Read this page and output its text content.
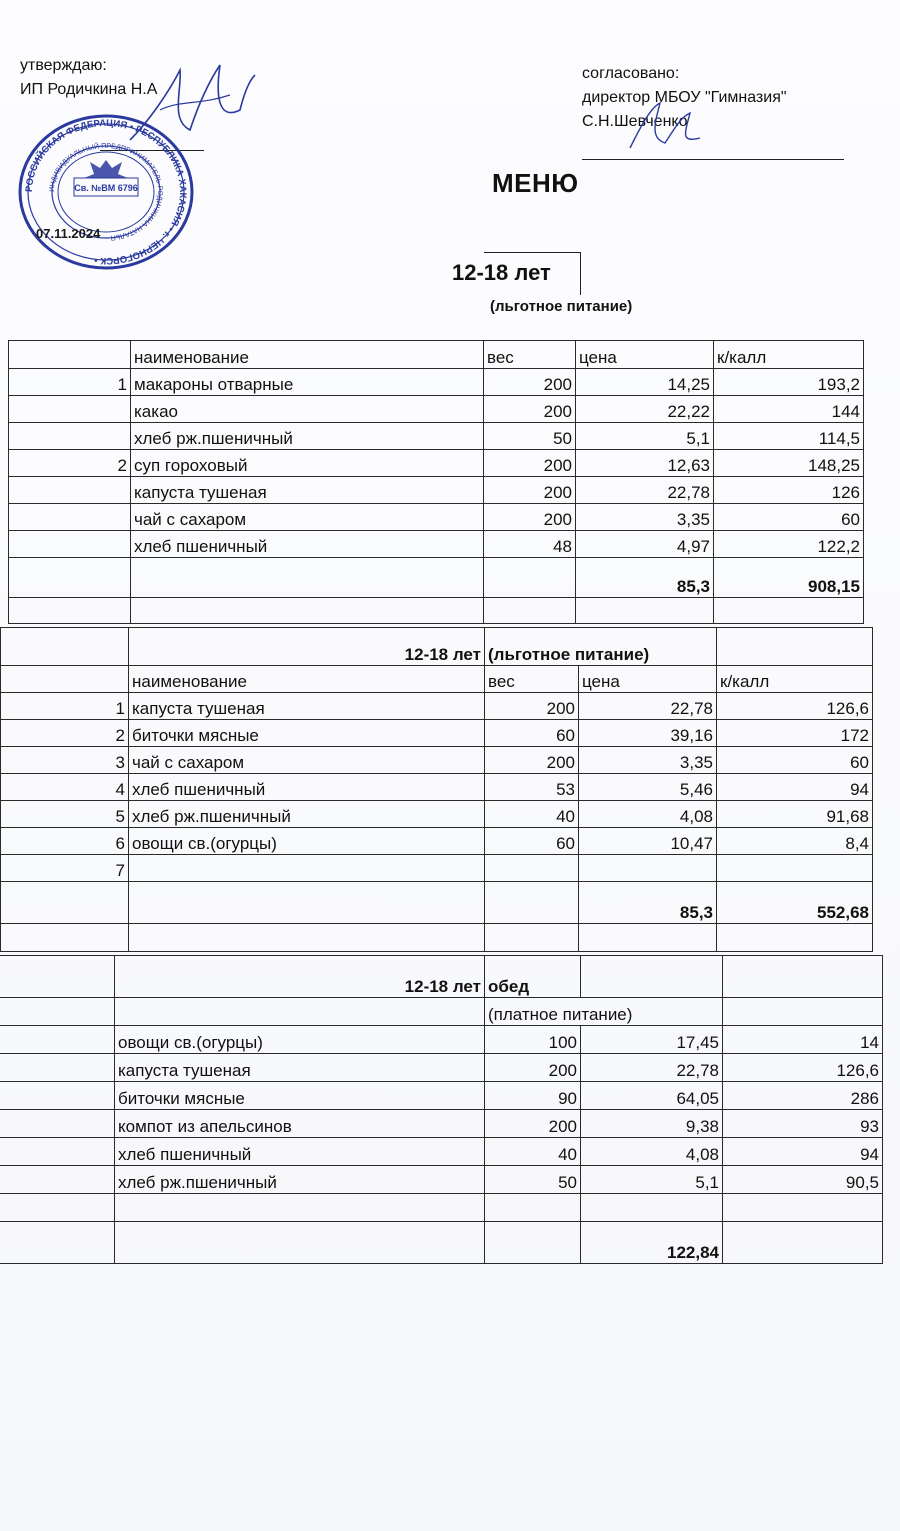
утверждаю:
ИП Родичкина Н.А
согласовано:
директор МБОУ "Гимназия"
С.Н.Шевченко
МЕНЮ
РОССИЙСКАЯ ФЕДЕРАЦИЯ • РЕСПУБЛИКА ХАКАСИЯ • г. ЧЕРНОГОРСК •
ИНДИВИДУАЛЬНЫЙ ПРЕДПРИНИМАТЕЛЬ РОДИЧКИНА НАТАЛЬЯ
Св. №ВМ 6796
07.11.2024
12-18 лет
(льготное питание)
	наименование	вес	цена	к/калл
1	макароны отварные	200	14,25	193,2
	какао	200	22,22	144
	хлеб рж.пшеничный	50	5,1	114,5
2	суп гороховый	200	12,63	148,25
	капуста тушеная	200	22,78	126
	чай с сахаром	200	3,35	60
	хлеб пшеничный	48	4,97	122,2
			85,3	908,15

	12-18 лет	(льготное питание)		
	наименование	вес	цена	к/калл
1	капуста тушеная	200	22,78	126,6
2	биточки мясные	60	39,16	172
3	чай с сахаром	200	3,35	60
4	хлеб пшеничный	53	5,46	94
5	хлеб рж.пшеничный	40	4,08	91,68
6	овощи св.(огурцы)	60	10,47	8,4
7				
			85,3	552,68

	12-18 лет	обед		
		(платное питание)		
	овощи св.(огурцы)	100	17,45	14
	капуста тушеная	200	22,78	126,6
	биточки мясные	90	64,05	286
	компот из апельсинов	200	9,38	93
	хлеб пшеничный	40	4,08	94
	хлеб рж.пшеничный	50	5,1	90,5

			122,84	
